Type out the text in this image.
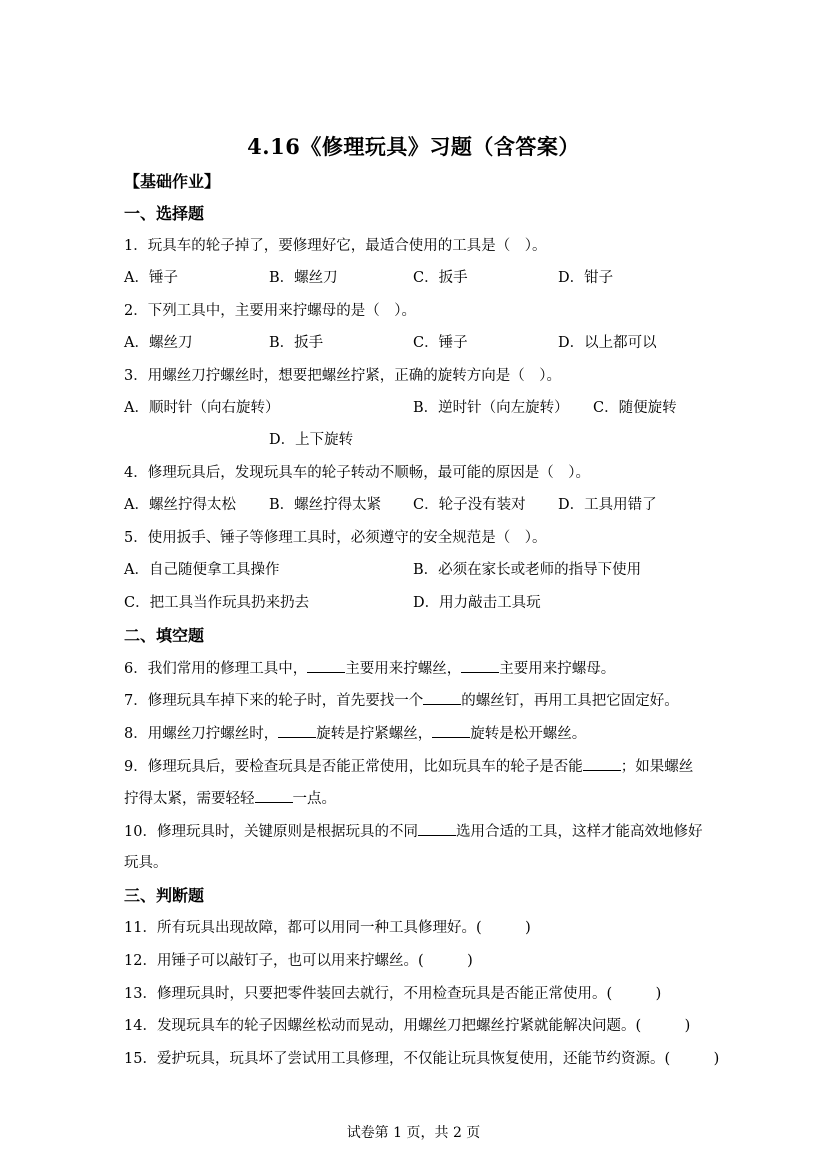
4.16《修理玩具》习题（含答案）
【基础作业】
一、选择题
1．玩具车的轮子掉了，要修理好它，最适合使用的工具是（　）。
A．锤子	B．螺丝刀	C．扳手	D．钳子
2．下列工具中，主要用来拧螺母的是（　）。
A．螺丝刀	B．扳手	C．锤子	D．以上都可以
3．用螺丝刀拧螺丝时，想要把螺丝拧紧，正确的旋转方向是（　）。
A．顺时针（向右旋转）	B．逆时针（向左旋转） C．随便旋转
D．上下旋转
4．修理玩具后，发现玩具车的轮子转动不顺畅，最可能的原因是（　）。
A．螺丝拧得太松 B．螺丝拧得太紧 C．轮子没有装对 D．工具用错了
5．使用扳手、锤子等修理工具时，必须遵守的安全规范是（　）。
A．自己随便拿工具操作	B．必须在家长或老师的指导下使用
C．把工具当作玩具扔来扔去	D．用力敲击工具玩
二、填空题
6．我们常用的修理工具中，	主要用来拧螺丝，	主要用来拧螺母。
7．修理玩具车掉下来的轮子时，首先要找一个	的螺丝钉，再用工具把它固定好。
8．用螺丝刀拧螺丝时，	旋转是拧紧螺丝，	旋转是松开螺丝。
9．修理玩具后，要检查玩具是否能正常使用，比如玩具车的轮子是否能	；如果螺丝
拧得太紧，需要轻轻	一点。
10．修理玩具时，关键原则是根据玩具的不同	选用合适的工具，这样才能高效地修好
玩具。
三、判断题
11．所有玩具出现故障，都可以用同一种工具修理好。(　　　)
12．用锤子可以敲钉子，也可以用来拧螺丝。(　　　)
13．修理玩具时，只要把零件装回去就行，不用检查玩具是否能正常使用。(　　　)
14．发现玩具车的轮子因螺丝松动而晃动，用螺丝刀把螺丝拧紧就能解决问题。(　　　)
15．爱护玩具，玩具坏了尝试用工具修理，不仅能让玩具恢复使用，还能节约资源。(　　　)
试卷第 1 页，共 2 页
